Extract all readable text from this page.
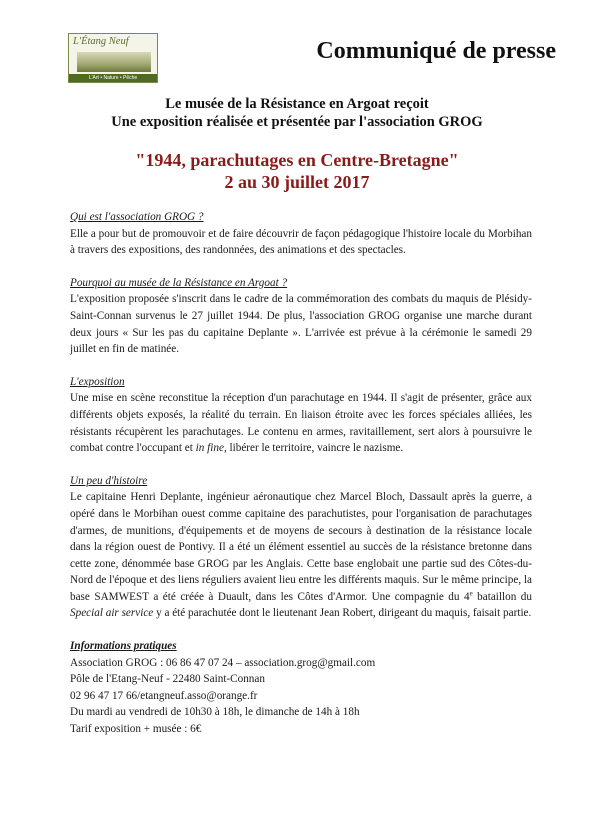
L'Étang Neuf
L'Art • Nature • Pêche
Communiqué de presse
Le musée de la Résistance en Argoat reçoit
Une exposition réalisée et présentée par l'association GROG
"1944, parachutages en Centre-Bretagne"
2 au 30 juillet 2017
Qui est l'association GROG ?

Elle a pour but de promouvoir et de faire découvrir de façon pédagogique l'histoire locale du Morbihan à travers des expositions, des randonnées, des animations et des spectacles.

Pourquoi au musée de la Résistance en Argoat ?

L'exposition proposée s'inscrit dans le cadre de la commémoration des combats du maquis de Plésidy-Saint-Connan survenus le 27 juillet 1944. De plus, l'association GROG organise une marche durant deux jours « Sur les pas du capitaine Deplante ». L'arrivée est prévue à la cérémonie le samedi 29 juillet en fin de matinée.

L'exposition

Une mise en scène reconstitue la réception d'un parachutage en 1944. Il s'agit de présenter, grâce aux différents objets exposés, la réalité du terrain. En liaison étroite avec les forces spéciales alliées, les résistants récupèrent les parachutages. Le contenu en armes, ravitaillement, sert alors à poursuivre le combat contre l'occupant et in fine, libérer le territoire, vaincre le nazisme.

Un peu d'histoire

Le capitaine Henri Deplante, ingénieur aéronautique chez Marcel Bloch, Dassault après la guerre, a opéré dans le Morbihan ouest comme capitaine des parachutistes, pour l'organisation de parachutages d'armes, de munitions, d'équipements et de moyens de secours à destination de la résistance locale dans la région ouest de Pontivy. Il a été un élément essentiel au succès de la résistance bretonne dans cette zone, dénommée base GROG par les Anglais. Cette base englobait une partie sud des Côtes-du-Nord de l'époque et des liens réguliers avaient lieu entre les différents maquis. Sur le même principe, la base SAMWEST a été créée à Duault, dans les Côtes d'Armor. Une compagnie du 4e bataillon du Special air service y a été parachutée dont le lieutenant Jean Robert, dirigeant du maquis, faisait partie.

Informations pratiques
Association GROG : 06 86 47 07 24 – association.grog@gmail.com
Pôle de l'Etang-Neuf - 22480 Saint-Connan
02 96 47 17 66/etangneuf.asso@orange.fr
Du mardi au vendredi de 10h30 à 18h, le dimanche de 14h à 18h
Tarif exposition + musée : 6€
